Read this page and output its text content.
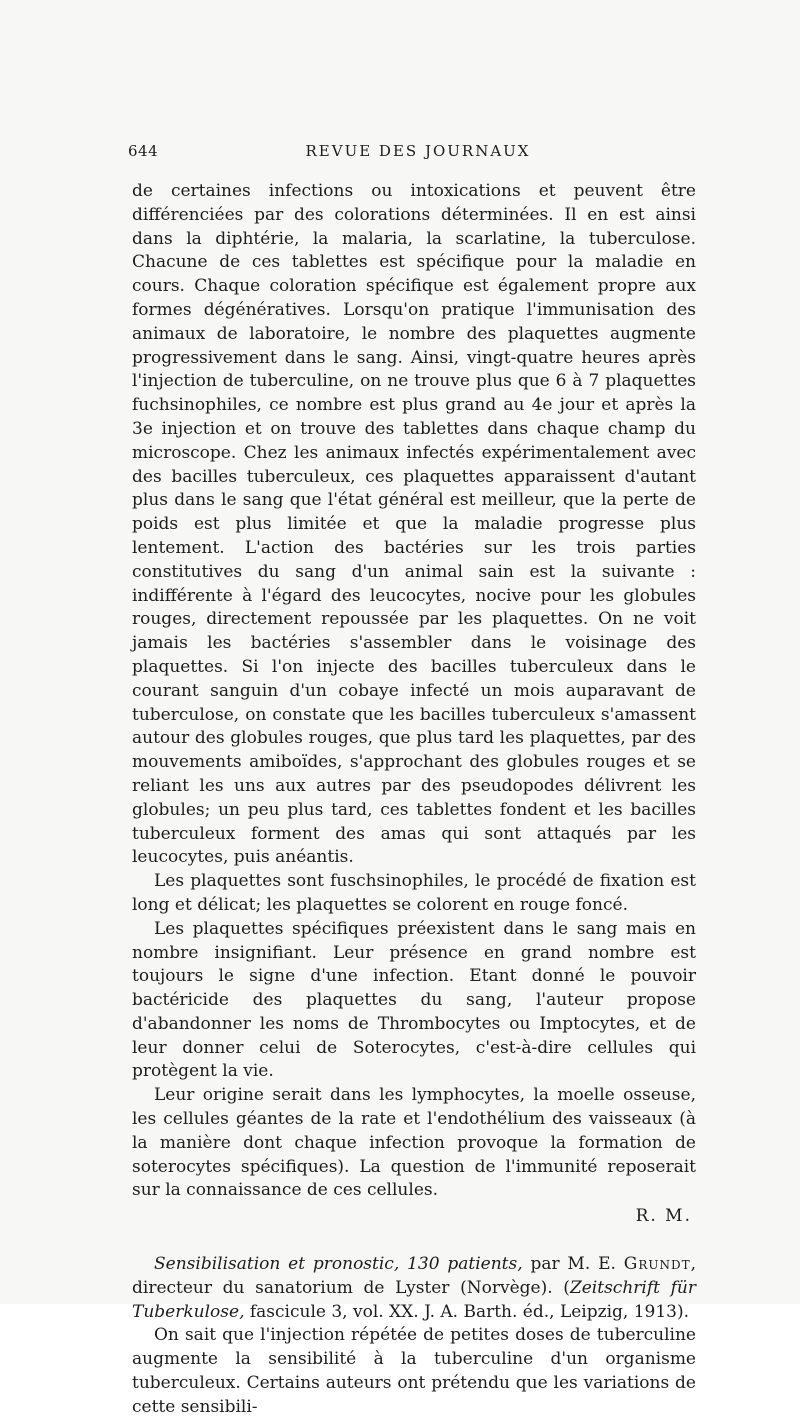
644	REVUE DES JOURNAUX

de certaines infections ou intoxications et peuvent être différenciées par des colorations déterminées. Il en est ainsi dans la diphtérie, la malaria, la scarlatine, la tuberculose. Chacune de ces tablettes est spécifique pour la maladie en cours. Chaque coloration spécifique est également propre aux formes dégénératives. Lorsqu'on pratique l'immunisation des animaux de laboratoire, le nombre des plaquettes augmente progressivement dans le sang. Ainsi, vingt-quatre heures après l'injection de tuberculine, on ne trouve plus que 6 à 7 plaquettes fuchsinophiles, ce nombre est plus grand au 4e jour et après la 3e injection et on trouve des tablettes dans chaque champ du microscope. Chez les animaux infectés expérimentalement avec des bacilles tuberculeux, ces plaquettes apparaissent d'autant plus dans le sang que l'état général est meilleur, que la perte de poids est plus limitée et que la maladie progresse plus lentement. L'action des bactéries sur les trois parties constitutives du sang d'un animal sain est la suivante : indifférente à l'égard des leucocytes, nocive pour les globules rouges, directement repoussée par les plaquettes. On ne voit jamais les bactéries s'assembler dans le voisinage des plaquettes. Si l'on injecte des bacilles tuberculeux dans le courant sanguin d'un cobaye infecté un mois auparavant de tuberculose, on constate que les bacilles tuberculeux s'amassent autour des globules rouges, que plus tard les plaquettes, par des mouvements amiboïdes, s'approchant des globules rouges et se reliant les uns aux autres par des pseudopodes délivrent les globules; un peu plus tard, ces tablettes fondent et les bacilles tuberculeux forment des amas qui sont attaqués par les leucocytes, puis anéantis.

Les plaquettes sont fuschsinophiles, le procédé de fixation est long et délicat; les plaquettes se colorent en rouge foncé.

Les plaquettes spécifiques préexistent dans le sang mais en nombre insignifiant. Leur présence en grand nombre est toujours le signe d'une infection. Etant donné le pouvoir bactéricide des plaquettes du sang, l'auteur propose d'abandonner les noms de Thrombocytes ou Imptocytes, et de leur donner celui de Soterocytes, c'est-à-dire cellules qui protègent la vie.

Leur origine serait dans les lymphocytes, la moelle osseuse, les cellules géantes de la rate et l'endothélium des vaisseaux (à la manière dont chaque infection provoque la formation de soterocytes spécifiques). La question de l'immunité reposerait sur la connaissance de ces cellules.

R. M.

Sensibilisation et pronostic, 130 patients, par M. E. Grundt, directeur du sanatorium de Lyster (Norvège). (Zeitschrift für Tuberkulose, fascicule 3, vol. XX. J. A. Barth. éd., Leipzig, 1913).

On sait que l'injection répétée de petites doses de tuberculine augmente la sensibilité à la tuberculine d'un organisme tuberculeux. Certains auteurs ont prétendu que les variations de cette sensibili-
